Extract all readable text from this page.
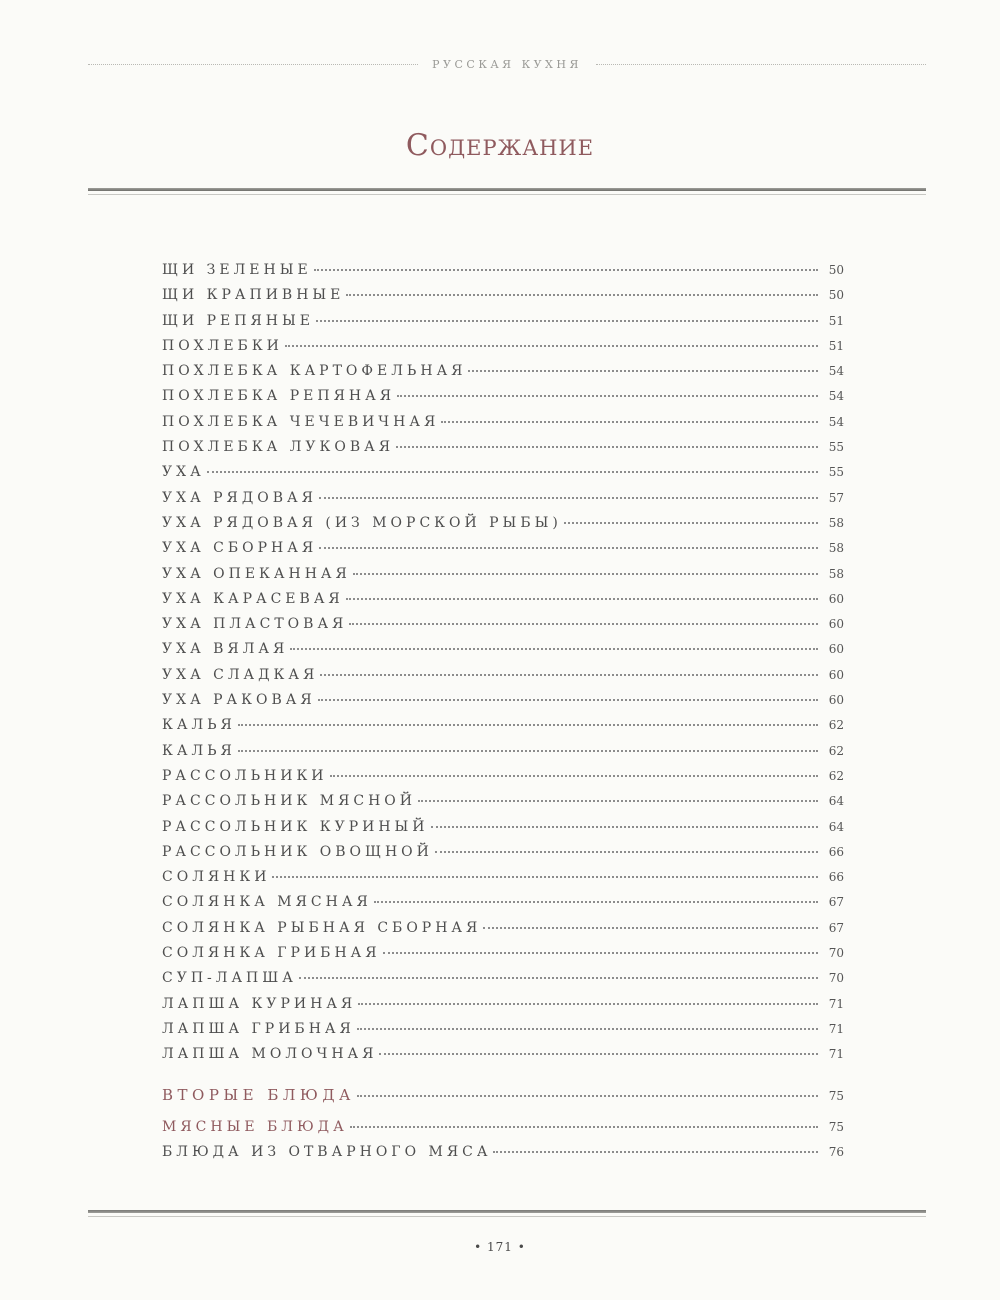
РУССКАЯ КУХНЯ
Содержание
ЩИ ЗЕЛЕНЫЕ	50
ЩИ КРАПИВНЫЕ	50
ЩИ РЕПЯНЫЕ	51
ПОХЛЕБКИ	51
ПОХЛЕБКА КАРТОФЕЛЬНАЯ	54
ПОХЛЕБКА РЕПЯНАЯ	54
ПОХЛЕБКА ЧЕЧЕВИЧНАЯ	54
ПОХЛЕБКА ЛУКОВАЯ	55
УХА	55
УХА РЯДОВАЯ	57
УХА РЯДОВАЯ (ИЗ МОРСКОЙ РЫБЫ)	58
УХА СБОРНАЯ	58
УХА ОПЕКАННАЯ	58
УХА КАРАСЕВАЯ	60
УХА ПЛАСТОВАЯ	60
УХА ВЯЛАЯ	60
УХА СЛАДКАЯ	60
УХА РАКОВАЯ	60
КАЛЬЯ	62
КАЛЬЯ	62
РАССОЛЬНИКИ	62
РАССОЛЬНИК МЯСНОЙ	64
РАССОЛЬНИК КУРИНЫЙ	64
РАССОЛЬНИК ОВОЩНОЙ	66
СОЛЯНКИ	66
СОЛЯНКА МЯСНАЯ	67
СОЛЯНКА РЫБНАЯ СБОРНАЯ	67
СОЛЯНКА ГРИБНАЯ	70
СУП-ЛАПША	70
ЛАПША КУРИНАЯ	71
ЛАПША ГРИБНАЯ	71
ЛАПША МОЛОЧНАЯ	71
ВТОРЫЕ БЛЮДА	75
МЯСНЫЕ БЛЮДА	75
БЛЮДА ИЗ ОТВАРНОГО МЯСА	76
• 171 •
